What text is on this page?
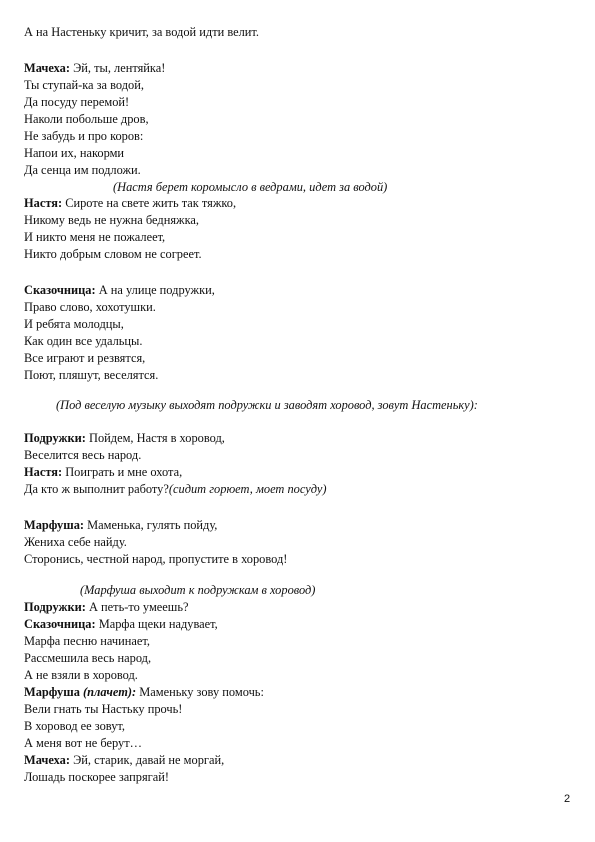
А на Настеньку кричит, за водой идти велит.
Мачеха: Эй, ты, лентяйка!
Ты ступай-ка за водой,
Да посуду перемой!
Наколи побольше дров,
Не забудь и про коров:
Напои их, накорми
Да сенца им подложи.
(Настя берет коромысло в ведрами, идет за водой)
Настя: Сироте на свете жить так тяжко,
Никому ведь не нужна бедняжка,
И никто меня не пожалеет,
Никто добрым словом не согреет.
Сказочница: А на улице подружки,
Право слово, хохотушки.
И ребята молодцы,
Как один все удальцы.
Все играют и резвятся,
Поют, пляшут, веселятся.
(Под веселую музыку выходят подружки и заводят хоровод, зовут Настеньку):
Подружки: Пойдем, Настя в хоровод,
Веселится весь народ.
Настя: Поиграть и мне охота,
Да кто ж выполнит работу?(сидит горюет, моет посуду)
Марфуша: Маменька, гулять пойду,
Жениха себе найду.
Сторонись, честной народ, пропустите в хоровод!
(Марфуша выходит к подружкам в хоровод)
Подружки: А петь-то умеешь?
Сказочница: Марфа щеки надувает,
Марфа песню начинает,
Рассмешила весь народ,
А не взяли в хоровод.
Марфуша (плачет): Маменьку зову помочь:
Вели гнать ты Настьку прочь!
В хоровод ее зовут,
А меня вот не берут…
Мачеха: Эй, старик, давай не моргай,
Лошадь поскорее запрягай!
2
